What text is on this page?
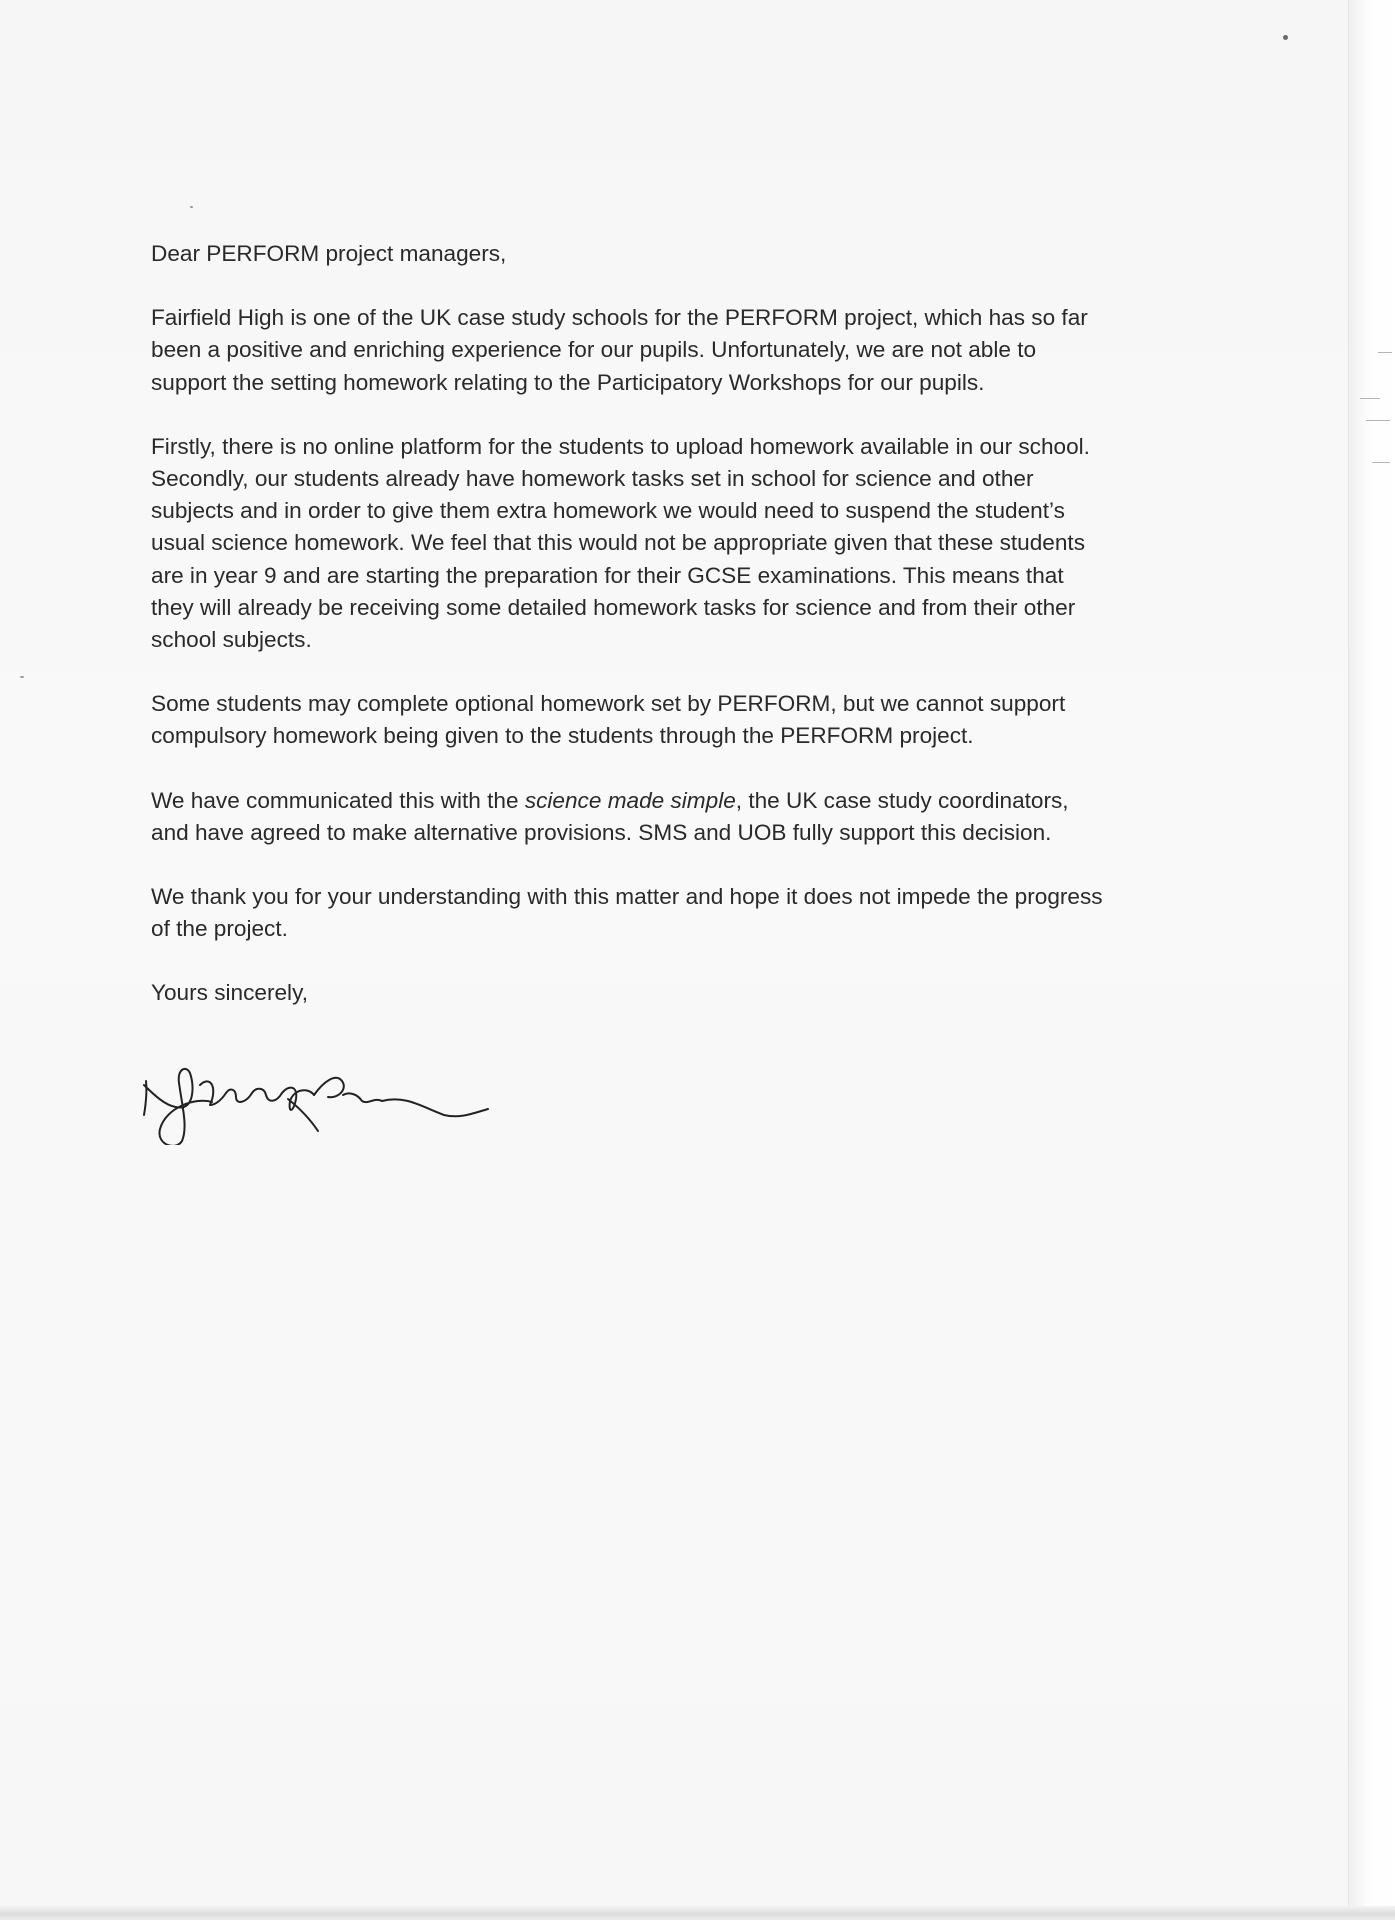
Dear PERFORM project managers,

Fairfield High is one of the UK case study schools for the PERFORM project, which has so far
been a positive and enriching experience for our pupils. Unfortunately, we are not able to
support the setting homework relating to the Participatory Workshops for our pupils.

Firstly, there is no online platform for the students to upload homework available in our school.
Secondly, our students already have homework tasks set in school for science and other
subjects and in order to give them extra homework we would need to suspend the student’s
usual science homework. We feel that this would not be appropriate given that these students
are in year 9 and are starting the preparation for their GCSE examinations. This means that
they will already be receiving some detailed homework tasks for science and from their other
school subjects.

Some students may complete optional homework set by PERFORM, but we cannot support
compulsory homework being given to the students through the PERFORM project.

We have communicated this with the science made simple, the UK case study coordinators,
and have agreed to make alternative provisions. SMS and UOB fully support this decision.

We thank you for your understanding with this matter and hope it does not impede the progress
of the project.

Yours sincerely,
